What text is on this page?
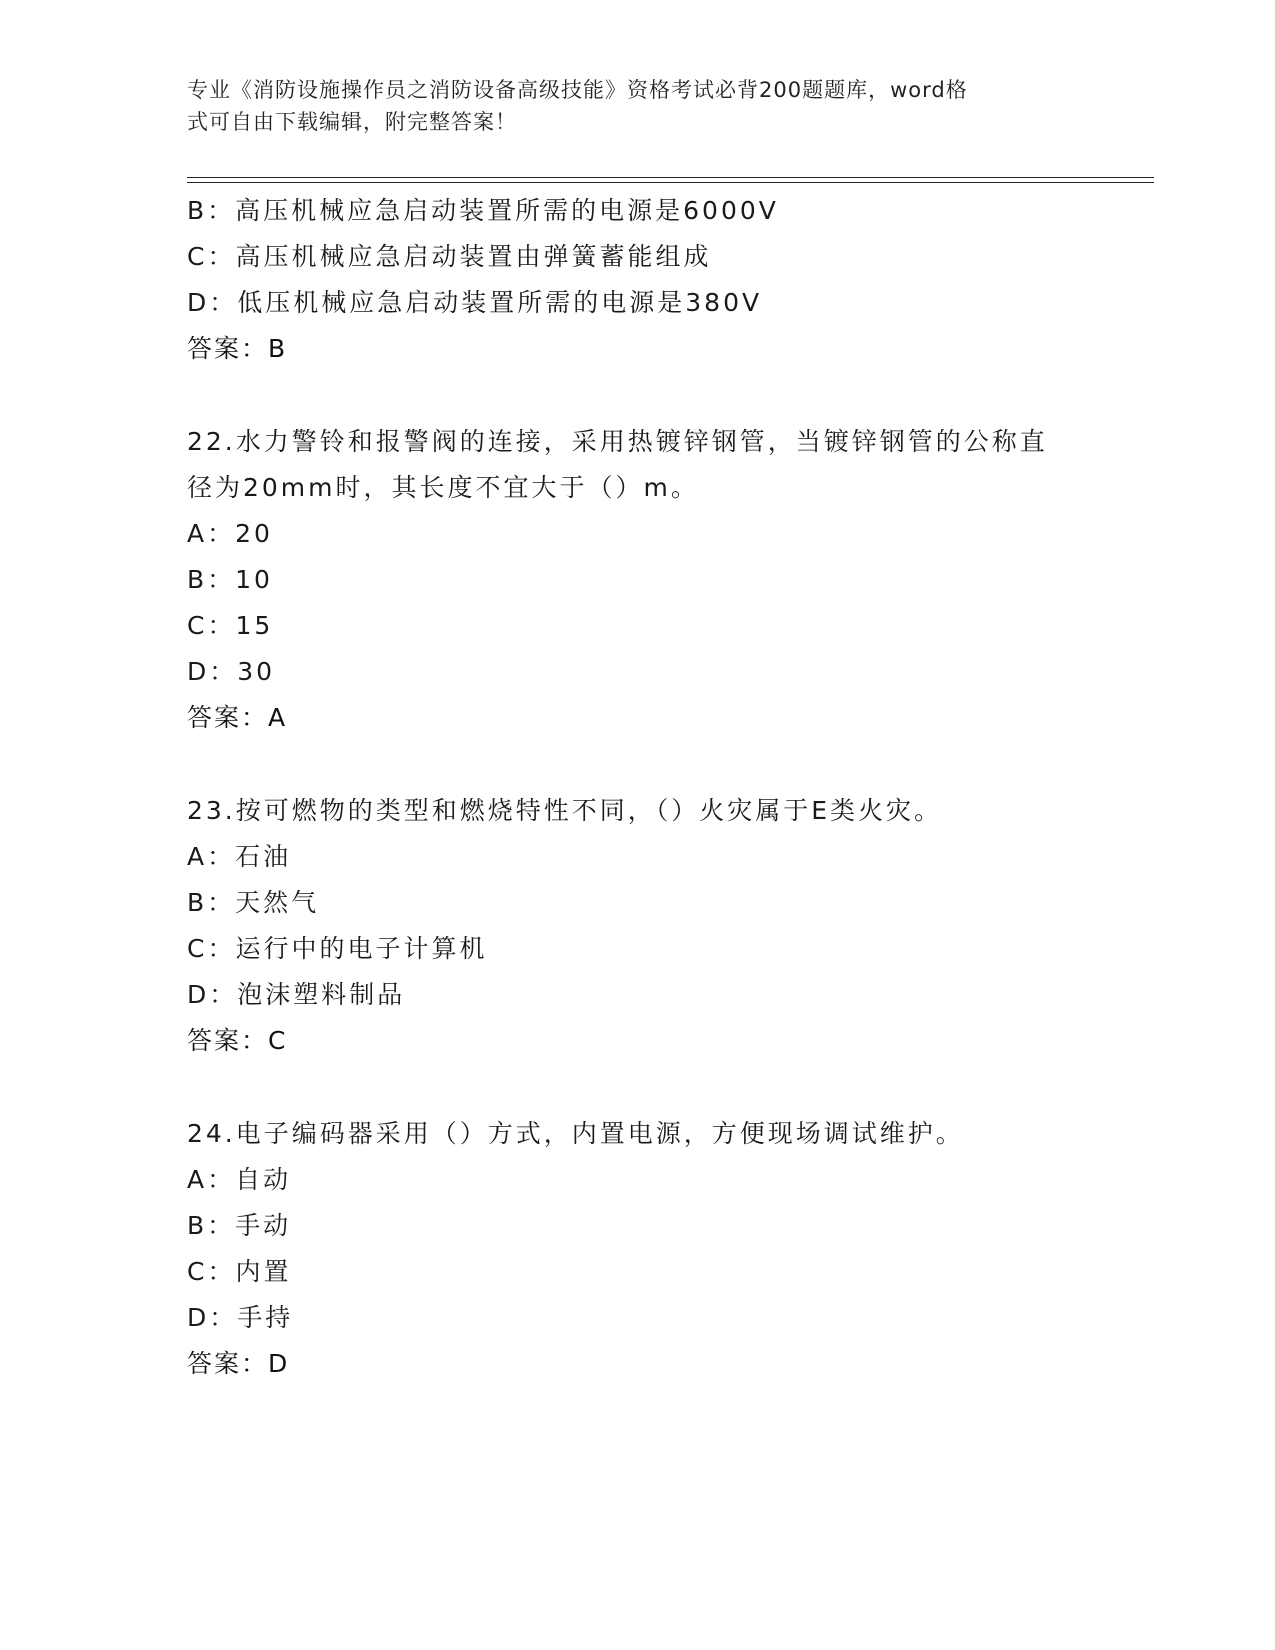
专业《消防设施操作员之消防设备高级技能》资格考试必背200题题库，word格
式可自由下载编辑，附完整答案！
B：高压机械应急启动装置所需的电源是6000V
C：高压机械应急启动装置由弹簧蓄能组成
D：低压机械应急启动装置所需的电源是380V
答案：B
22.水力警铃和报警阀的连接，采用热镀锌钢管，当镀锌钢管的公称直
径为20mm时，其长度不宜大于（）m。
A：20
B：10
C：15
D：30
答案：A
23.按可燃物的类型和燃烧特性不同，（）火灾属于E类火灾。
A：石油
B：天然气
C：运行中的电子计算机
D：泡沫塑料制品
答案：C
24.电子编码器采用（）方式，内置电源，方便现场调试维护。
A：自动
B：手动
C：内置
D：手持
答案：D
